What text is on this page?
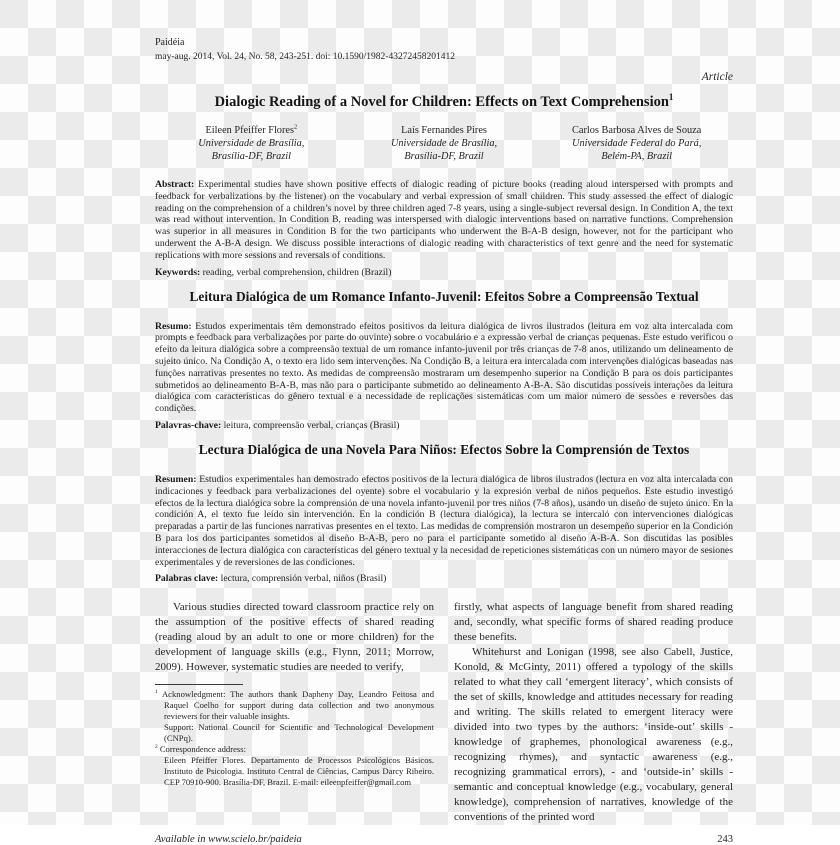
Paidéia
may-aug. 2014, Vol. 24, No. 58, 243-251. doi: 10.1590/1982-43272458201412
Article
Dialogic Reading of a Novel for Children: Effects on Text Comprehension$^1$
Eileen Pfeiffer Flores$^2$
Universidade de Brasília,
Brasília-DF, Brazil
Laís Fernandes Pires
Universidade de Brasília,
Brasília-DF, Brazil
Carlos Barbosa Alves de Souza
Universidade Federal do Pará,
Belém-PA, Brazil

Abstract: Experimental studies have shown positive effects of dialogic reading of picture books (reading aloud interspersed with prompts and feedback for verbalizations by the listener) on the vocabulary and verbal expression of small children. This study assessed the effect of dialogic reading on the comprehension of a children’s novel by three children aged 7-8 years, using a single-subject reversal design. In Condition A, the text was read without intervention. In Condition B, reading was interspersed with dialogic interventions based on narrative functions. Comprehension was superior in all measures in Condition B for the two participants who underwent the B-A-B design, however, not for the participant who underwent the A-B-A design. We discuss possible interactions of dialogic reading with characteristics of text genre and the need for systematic replications with more sessions and reversals of conditions.

Keywords: reading, verbal comprehension, children (Brazil)

Leitura Dialógica de um Romance Infanto-Juvenil: Efeitos Sobre a Compreensão Textual

Resumo: Estudos experimentais têm demonstrado efeitos positivos da leitura dialógica de livros ilustrados (leitura em voz alta intercalada com prompts e feedback para verbalizações por parte do ouvinte) sobre o vocabulário e a expressão verbal de crianças pequenas. Este estudo verificou o efeito da leitura dialógica sobre a compreensão textual de um romance infanto-juvenil por três crianças de 7-8 anos, utilizando um delineamento de sujeito único. Na Condição A, o texto era lido sem intervenções. Na Condição B, a leitura era intercalada com intervenções dialógicas baseadas nas funções narrativas presentes no texto. As medidas de compreensão mostraram um desempenho superior na Condição B para os dois participantes submetidos ao delineamento B-A-B, mas não para o participante submetido ao delineamento A-B-A. São discutidas possíveis interações da leitura dialógica com características do gênero textual e a necessidade de replicações sistemáticas com um maior número de sessões e reversões das condições.

Palavras-chave: leitura, compreensão verbal, crianças (Brasil)

Lectura Dialógica de una Novela Para Niños: Efectos Sobre la Comprensión de Textos

Resumen: Estudios experimentales han demostrado efectos positivos de la lectura dialógica de libros ilustrados (lectura en voz alta intercalada con indicaciones y feedback para verbalizaciones del oyente) sobre el vocabulario y la expresión verbal de niños pequeños. Este estudio investigó efectos de la lectura dialógica sobre la comprensión de una novela infanto-juvenil por tres niños (7-8 años), usando un diseño de sujeto único. En la condición A, el texto fue leído sin intervención. En la condición B (lectura dialógica), la lectura se intercaló con intervenciones dialógicas preparadas a partir de las funciones narrativas presentes en el texto. Las medidas de comprensión mostraron un desempeño superior en la Condición B para los dos participantes sometidos al diseño B-A-B, pero no para el participante sometido al diseño A-B-A. Son discutidas las posibles interacciones de lectura dialógica con características del género textual y la necesidad de repeticiones sistemáticas con un número mayor de sesiones experimentales y de reversiones de las condiciones.

Palabras clave: lectura, comprensión verbal, niños (Brasil)

Various studies directed toward classroom practice rely on the assumption of the positive effects of shared reading (reading aloud by an adult to one or more children) for the development of language skills (e.g., Flynn, 2011; Morrow, 2009). However, systematic studies are needed to verify,

$^1$ Acknowledgment: The authors thank Dapheny Day, Leandro Feitosa and Raquel Coelho for support during data collection and two anonymous reviewers for their valuable insights.

Support: National Council for Scientific and Technological Development (CNPq).

$^2$ Correspondence address:

Eileen Pfeiffer Flores. Departamento de Processos Psicológicos Básicos. Instituto de Psicologia. Instituto Central de Ciências, Campus Darcy Ribeiro. CEP 70910-900. Brasília-DF, Brazil. E-mail: eileenpfeiffer@gmail.com

firstly, what aspects of language benefit from shared reading and, secondly, what specific forms of shared reading produce these benefits.

Whitehurst and Lonigan (1998, see also Cabell, Justice, Konold, & McGinty, 2011) offered a typology of the skills related to what they call ‘emergent literacy’, which consists of the set of skills, knowledge and attitudes necessary for reading and writing. The skills related to emergent literacy were divided into two types by the authors: ‘inside-out’ skills - knowledge of graphemes, phonological awareness (e.g., recognizing rhymes), and syntactic awareness (e.g., recognizing grammatical errors), - and ‘outside-in’ skills - semantic and conceptual knowledge (e.g., vocabulary, general knowledge), comprehension of narratives, knowledge of the conventions of the printed word

Available in www.scielo.br/paideia	243
